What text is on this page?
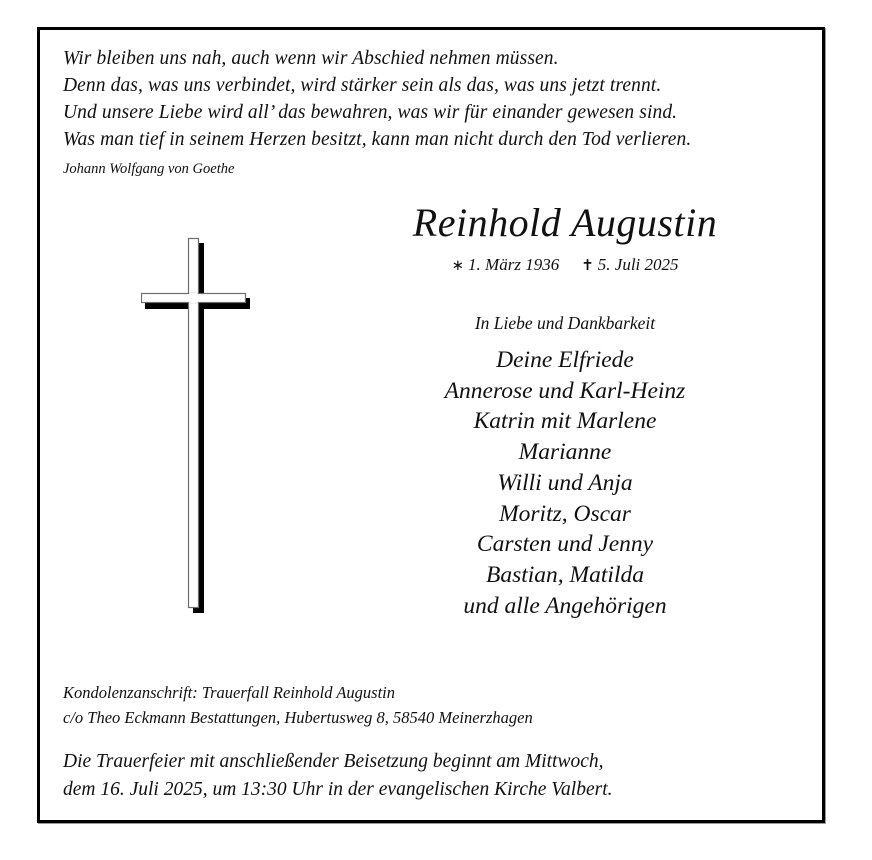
Wir bleiben uns nah, auch wenn wir Abschied nehmen müssen.
Denn das, was uns verbindet, wird stärker sein als das, was uns jetzt trennt.
Und unsere Liebe wird all’ das bewahren, was wir für einander gewesen sind.
Was man tief in seinem Herzen besitzt, kann man nicht durch den Tod verlieren.
Johann Wolfgang von Goethe
Reinhold Augustin
∗ 1. März 1936 ✝ 5. Juli 2025
In Liebe und Dankbarkeit
Deine Elfriede
Annerose und Karl-Heinz
Katrin mit Marlene
Marianne
Willi und Anja
Moritz, Oscar
Carsten und Jenny
Bastian, Matilda
und alle Angehörigen
Kondolenzanschrift: Trauerfall Reinhold Augustin
c/o Theo Eckmann Bestattungen, Hubertusweg 8, 58540 Meinerzhagen
Die Trauerfeier mit anschließender Beisetzung beginnt am Mittwoch,
dem 16. Juli 2025, um 13:30 Uhr in der evangelischen Kirche Valbert.
